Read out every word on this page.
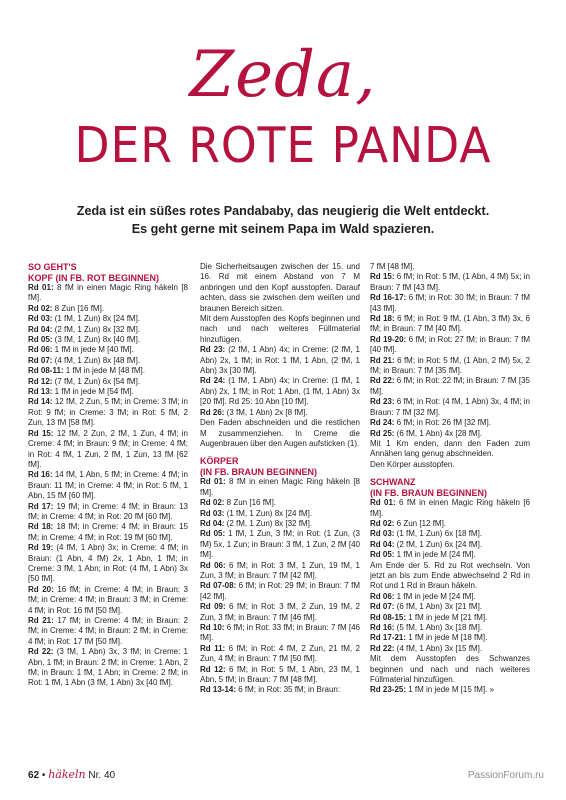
Zeda,
DER ROTE PANDA
Zeda ist ein süßes rotes Pandababy, das neugierig die Welt entdeckt.
Es geht gerne mit seinem Papa im Wald spazieren.

SO GEHT'S

KOPF (IN FB. ROT BEGINNEN)

Rd 01: 8 fM in einen Magic Ring häkeln [8 fM].

Rd 02: 8 Zun [16 fM].

Rd 03: (1 fM, 1 Zun) 8x [24 fM].

Rd 04: (2 fM, 1 Zun) 8x [32 fM].

Rd 05: (3 fM, 1 Zun) 8x [40 fM].

Rd 06: 1 fM in jede M [40 fM].

Rd 07: (4 fM, 1 Zun) 8x [48 fM].

Rd 08-11: 1 fM in jede M [48 fM].

Rd 12: (7 fM, 1 Zun) 6x [54 fM].

Rd 13: 1 fM in jede M [54 fM].

Rd 14: 12 fM, 2 Zun, 5 fM; in Creme: 3 fM; in Rot: 9 fM; in Creme: 3 fM; in Rot: 5 fM, 2 Zun, 13 fM [58 fM].

Rd 15: 12 fM, 2 Zun, 2 fM, 1 Zun, 4 fM; in Creme: 4 fM; in Braun: 9 fM; in Creme: 4 fM; in Rot: 4 fM, 1 Zun, 2 fM, 1 Zun, 13 fM [62 fM].

Rd 16: 14 fM, 1 Abn, 5 fM; in Creme: 4 fM; in Braun: 11 fM; in Creme: 4 fM; in Rot: 5 fM, 1 Abn, 15 fM [60 fM].

Rd 17: 19 fM; in Creme: 4 fM; in Braun: 13 fM; in Creme: 4 fM; in Rot: 20 fM [60 fM].

Rd 18: 18 fM; in Creme: 4 fM; in Braun: 15 fM; in Creme: 4 fM; in Rot: 19 fM [60 fM].

Rd 19: (4 fM, 1 Abn) 3x; in Creme: 4 fM; in Braun: (1 Abn, 4 fM) 2x, 1 Abn, 1 fM; in Creme: 3 fM, 1 Abn; in Rot: (4 fM, 1 Abn) 3x [50 fM].

Rd 20: 16 fM; in Creme: 4 fM; in Braun: 3 fM; in Creme: 4 fM; in Braun: 3 fM; in Creme: 4 fM; in Rot: 16 fM [50 fM].

Rd 21: 17 fM; in Creme: 4 fM; in Braun: 2 fM; in Creme: 4 fM; in Braun: 2 fM; in Creme: 4 fM; in Rot: 17 fM [50 fM].

Rd 22: (3 fM, 1 Abn) 3x, 3 fM; in Creme: 1 Abn, 1 fM; in Braun: 2 fM; in Creme: 1 Abn, 2 fM; in Braun: 1 fM, 1 Abn; in Creme: 2 fM; in Rot: 1 fM, 1 Abn (3 fM, 1 Abn) 3x [40 fM].

Die Sicherheitsaugen zwischen der 15. und 16. Rd mit einem Abstand von 7 M anbringen und den Kopf ausstopfen. Darauf achten, dass sie zwischen dem weißen und braunen Bereich sitzen.

Mit dem Ausstopfen des Kopfs beginnen und nach und nach weiteres Füllmaterial hinzufügen.

Rd 23: (2 fM, 1 Abn) 4x; in Creme: (2 fM, 1 Abn) 2x, 1 fM; in Rot: 1 fM, 1 Abn, (2 fM, 1 Abn) 3x [30 fM].

Rd 24: (1 fM, 1 Abn) 4x; in Creme: (1 fM, 1 Abn) 2x, 1 fM; in Rot: 1 Abn, (1 fM, 1 Abn) 3x [20 fM]. Rd 25: 10 Abn [10 fM].

Rd 26: (3 fM, 1 Abn) 2x [8 fM].

Den Faden abschneiden und die restlichen M zusammenziehen. In Creme die Augenbrauen über den Augen aufsticken (1).

KÖRPER

(IN FB. BRAUN BEGINNEN)

Rd 01: 8 fM in einen Magic Ring häkeln [8 fM].

Rd 02: 8 Zun [16 fM].

Rd 03: (1 fM, 1 Zun) 8x [24 fM].

Rd 04: (2 fM, 1 Zun) 8x [32 fM].

Rd 05: 1 fM, 1 Zun, 3 fM; in Rot: (1 Zun, (3 fM) 5x, 1 Zun; in Braun: 3 fM, 1 Zun, 2 fM [40 fM].

Rd 06: 6 fM; in Rot: 3 fM, 1 Zun, 19 fM, 1 Zun, 3 fM; in Braun: 7 fM [42 fM].

Rd 07-08: 6 fM; in Rot: 29 fM; in Braun: 7 fM [42 fM].

Rd 09: 6 fM; in Rot: 3 fM, 2 Zun, 19 fM, 2 Zun, 3 fM; in Braun: 7 fM [46 fM].

Rd 10: 6 fM; in Rot: 33 fM; in Braun: 7 fM [46 fM].

Rd 11: 6 fM; in Rot: 4 fM, 2 Zun, 21 fM, 2 Zun, 4 fM; in Braun: 7 fM [50 fM].

Rd 12: 6 fM; in Rot: 5 fM, 1 Abn, 23 fM, 1 Abn, 5 fM; in Braun: 7 fM [48 fM].

Rd 13-14: 6 fM; in Rot: 35 fM; in Braun:

7 fM [48 fM].

Rd 15: 6 fM; in Rot: 5 fM, (1 Abn, 4 fM) 5x; in Braun: 7 fM [43 fM].

Rd 16-17: 6 fM; in Rot: 30 fM; in Braun: 7 fM [43 fM].

Rd 18: 6 fM; in Rot: 9 fM, (1 Abn, 3 fM) 3x, 6 fM; in Braun: 7 fM [40 fM].

Rd 19-20: 6 fM; in Rot: 27 fM; in Braun: 7 fM [40 fM].

Rd 21: 6 fM; in Rot: 5 fM, (1 Abn, 2 fM) 5x, 2 fM; in Braun: 7 fM [35 fM].

Rd 22: 6 fM; in Rot: 22 fM; in Braun: 7 fM [35 fM].

Rd 23: 6 fM; in Rot: (4 fM, 1 Abn) 3x, 4 fM; in Braun: 7 fM [32 fM].

Rd 24: 6 fM; in Rot: 26 fM [32 fM].

Rd 25: (6 fM, 1 Abn) 4x [28 fM].

Mit 1 Km enden, dann den Faden zum Annähen lang genug abschneiden.

Den Körper ausstopfen.

SCHWANZ

(IN FB. BRAUN BEGINNEN)

Rd 01: 6 fM in einen Magic Ring häkeln [6 fM].

Rd 02: 6 Zun [12 fM].

Rd 03: (1 fM, 1 Zun) 6x [18 fM].

Rd 04: (2 fM, 1 Zun) 6x [24 fM].

Rd 05: 1 fM in jede M [24 fM].

Am Ende der 5. Rd zu Rot wechseln. Von jetzt an bis zum Ende abwechselnd 2 Rd in Rot und 1 Rd in Braun häkeln.

Rd 06: 1 fM in jede M [24 fM].

Rd 07: (6 fM, 1 Abn) 3x [21 fM].

Rd 08-15: 1 fM in jede M [21 fM].

Rd 16: (5 fM, 1 Abn) 3x [18 fM].

Rd 17-21: 1 fM in jede M [18 fM].

Rd 22: (4 fM, 1 Abn) 3x [15 fM].

Mit dem Ausstopfen des Schwanzes beginnen und nach und nach weiteres Füllmaterial hinzufügen.

Rd 23-25: 1 fM in jede M [15 fM]. »

62 • häkeln Nr. 40	PassionForum.ru
